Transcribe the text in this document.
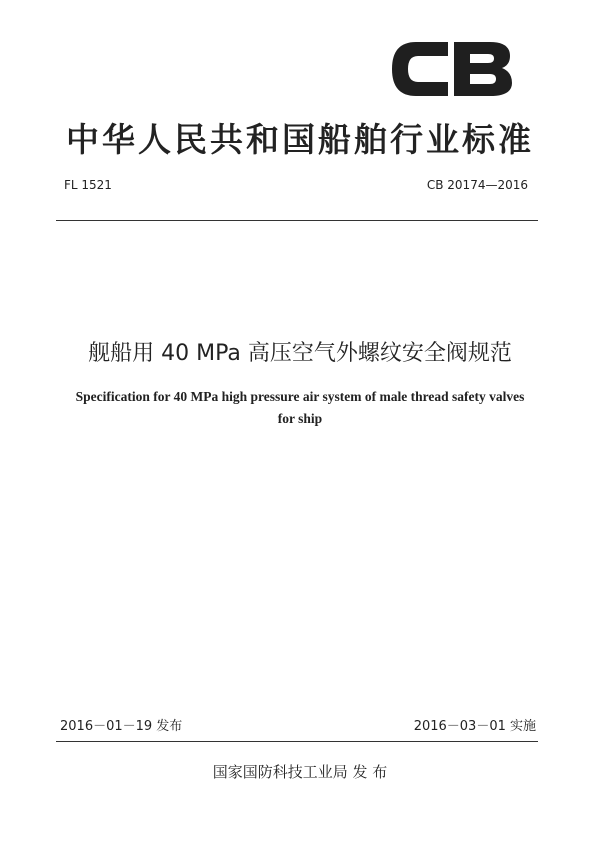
中华人民共和国船舶行业标准
FL 1521	CB 20174—2016
舰船用 40 MPa 高压空气外螺纹安全阀规范
Specification for 40 MPa high pressure air system of male thread safety valves
for ship
2016－01－19 发布	2016－03－01 实施
国家国防科技工业局 发 布
